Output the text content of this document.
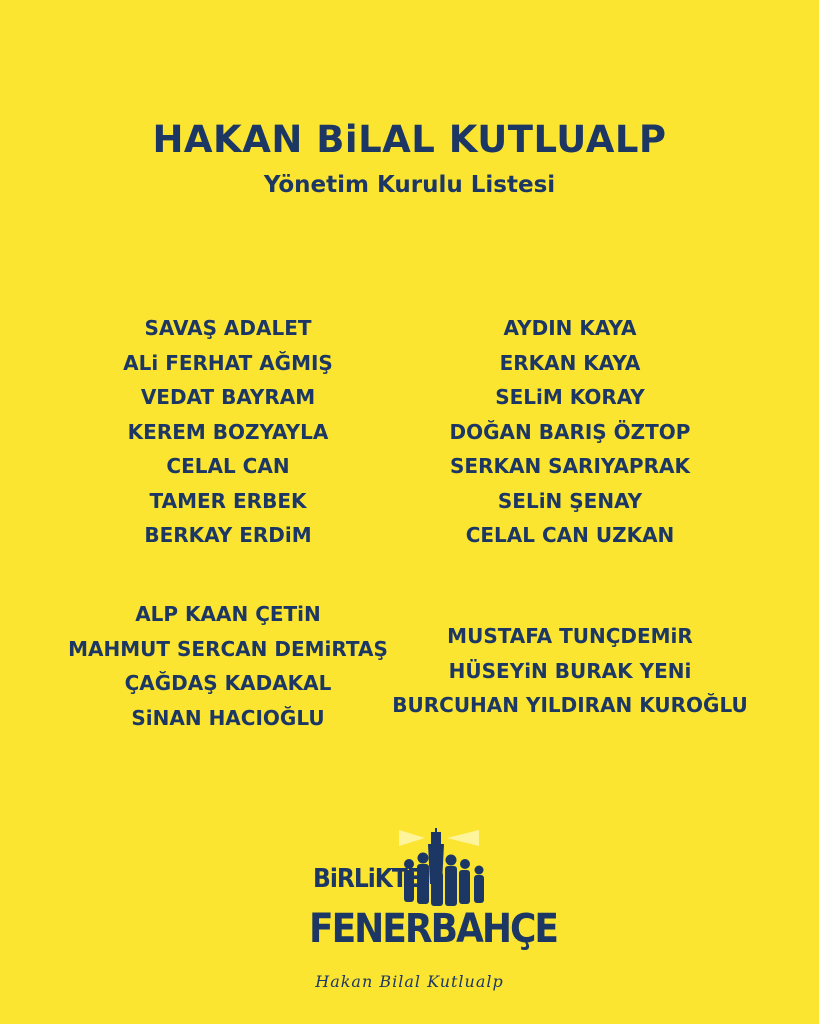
HAKAN BiLAL KUTLUALP
Yönetim Kurulu Listesi
SAVAŞ ADALET
ALi FERHAT AĞMIŞ
VEDAT BAYRAM
KEREM BOZYAYLA
CELAL CAN
TAMER ERBEK
BERKAY ERDiM
AYDIN KAYA
ERKAN KAYA
SELiM KORAY
DOĞAN BARIŞ ÖZTOP
SERKAN SARIYAPRAK
SELiN ŞENAY
CELAL CAN UZKAN
ALP KAAN ÇETiN
MAHMUT SERCAN DEMiRTAŞ
ÇAĞDAŞ KADAKAL
SiNAN HACIOĞLU
MUSTAFA TUNÇDEMiR
HÜSEYiN BURAK YENi
BURCUHAN YILDIRAN KUROĞLU
BiRLiKTE
FENERBAHÇE
Hakan Bilal Kutlualp
